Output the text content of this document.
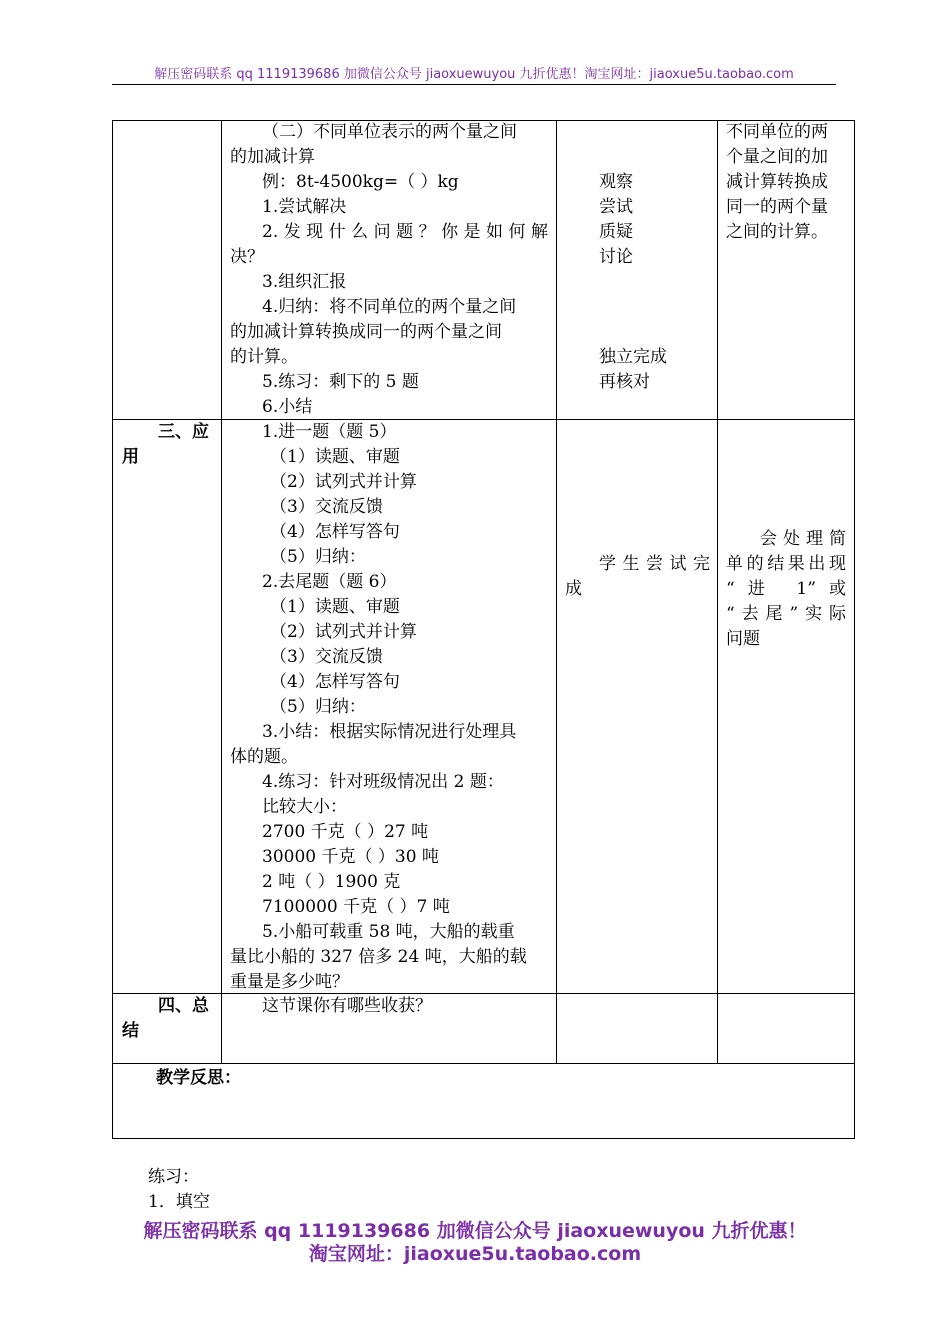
解压密码联系 qq 1119139686 加微信公众号 jiaoxuewuyou 九折优惠！淘宝网址：jiaoxue5u.taobao.com
（二）不同单位表示的两个量之间
的加减计算
例：8t-4500kg=（ ）kg
1.尝试解决
2.发现什么问题？你是如何解
决？
3.组织汇报
4.归纳：将不同单位的两个量之间
的加减计算转换成同一的两个量之间
的计算。
5.练习：剩下的 5 题
6.小结
观察
尝试
质疑
讨论
独立完成
再核对
不同单位的两
个量之间的加
减计算转换成
同一的两个量
之间的计算。
三、应
用
1.进一题（题 5）
（1）读题、审题
（2）试列式并计算
（3）交流反馈
（4）怎样写答句
（5）归纳：
2.去尾题（题 6）
（1）读题、审题
（2）试列式并计算
（3）交流反馈
（4）怎样写答句
（5）归纳：
3.小结：根据实际情况进行处理具
体的题。
4.练习：针对班级情况出 2 题：
比较大小：
2700 千克（ ）27 吨
30000 千克（ ）30 吨
2 吨（ ）1900 克
7100000 千克（ ）7 吨
5.小船可载重 58 吨，大船的载重
量比小船的 327 倍多 24 吨，大船的载
重量是多少吨？
学生尝试完
成
会处理简
单的结果出现
“进 1”或
“去尾”实际
问题
四、总
结
这节课你有哪些收获？
教学反思：
练习：
1．填空
解压密码联系 qq 1119139686 加微信公众号 jiaoxuewuyou 九折优惠！
淘宝网址：jiaoxue5u.taobao.com
